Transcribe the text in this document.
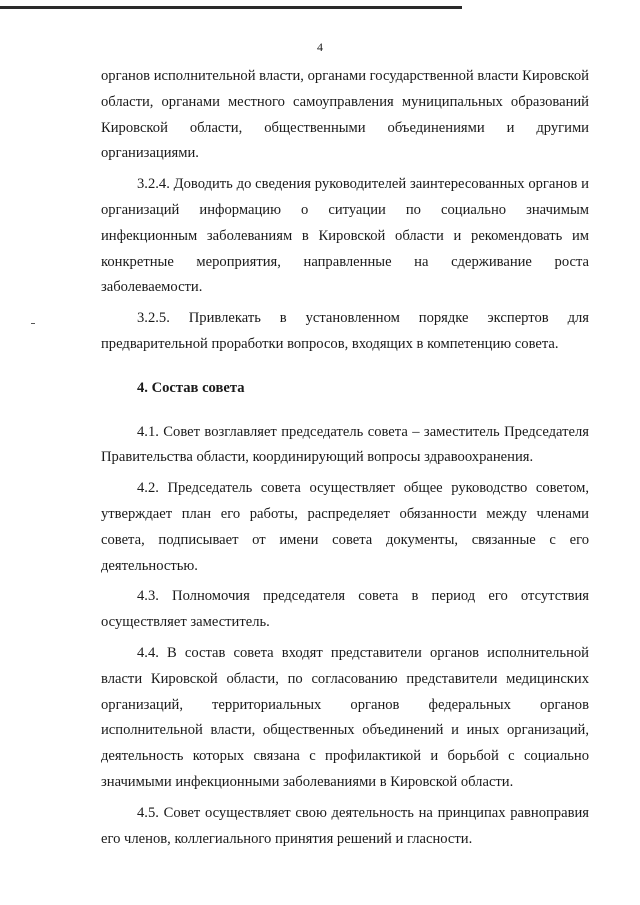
4

органов исполнительной власти, органами государственной власти Кировской области, органами местного самоуправления муниципальных образований Кировской области, общественными объединениями и другими организациями.

3.2.4. Доводить до сведения руководителей заинтересованных органов и организаций информацию о ситуации по социально значимым инфекционным заболеваниям в Кировской области и рекомендовать им конкретные мероприятия, направленные на сдерживание роста заболеваемости.

3.2.5. Привлекать в установленном порядке экспертов для предварительной проработки вопросов, входящих в компетенцию совета.

4. Состав совета

4.1. Совет возглавляет председатель совета – заместитель Председателя Правительства области, координирующий вопросы здравоохранения.

4.2. Председатель совета осуществляет общее руководство советом, утверждает план его работы, распределяет обязанности между членами совета, подписывает от имени совета документы, связанные с его деятельностью.

4.3. Полномочия председателя совета в период его отсутствия осуществляет заместитель.

4.4. В состав совета входят представители органов исполнительной власти Кировской области, по согласованию представители медицинских организаций, территориальных органов федеральных органов исполнительной власти, общественных объединений и иных организаций, деятельность которых связана с профилактикой и борьбой с социально значимыми инфекционными заболеваниями в Кировской области.

4.5. Совет осуществляет свою деятельность на принципах равноправия его членов, коллегиального принятия решений и гласности.
